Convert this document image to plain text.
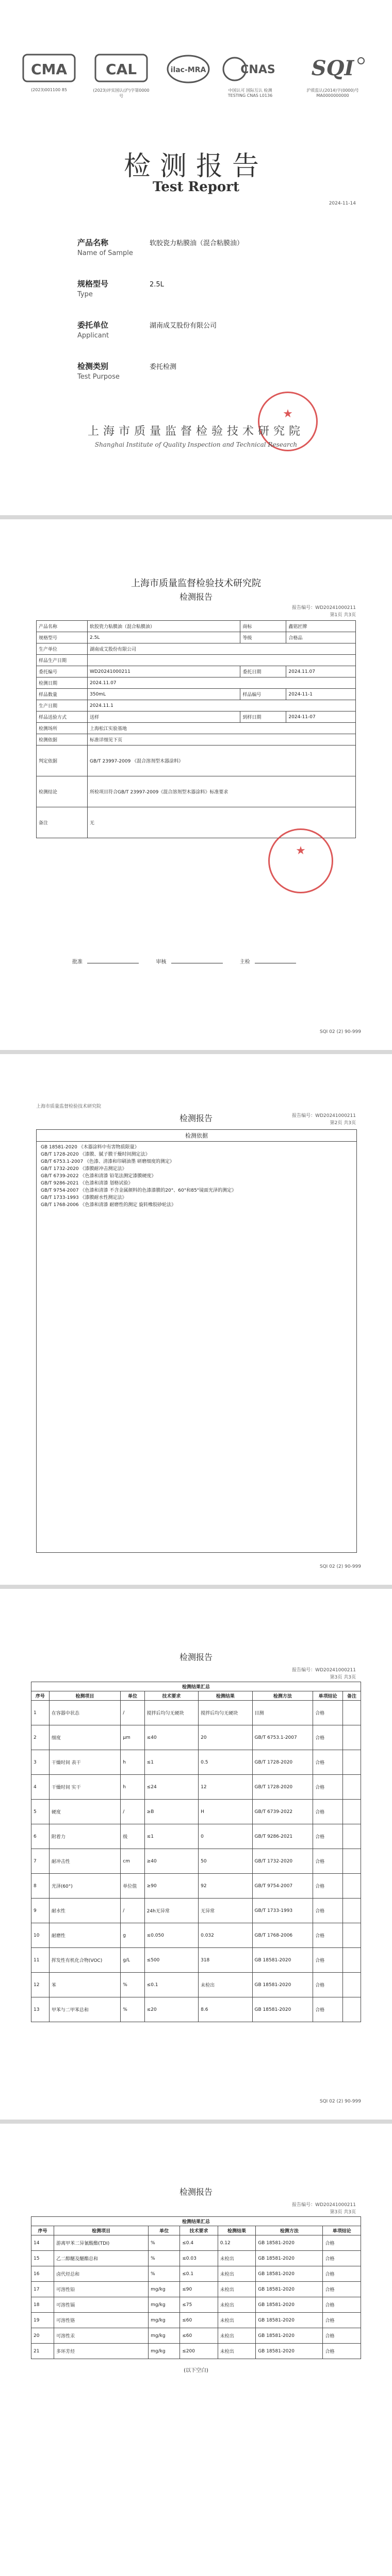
CMA
(2023)001100 85
CAL
(2023)评实国认(沪)字第0000号
ilac-MRA	CNAS
中国认可 国际互认 检测 TESTING CNAS L0136
SQI
沪质监认(2014)字(0000)号 MA0000000000
检测报告
Test Report
2024-11-14
产品名称	软胶瓷力粘膜油（混合粘膜油）
Name of Sample
规格型号	2.5L
Type
委托单位	湖南成艾股份有限公司
Applicant
检测类别	委托检测
Test Purpose
★
上海市质量监督检验技术研究院
Shanghai Institute of Quality Inspection and Technical Research
上海市质量监督检验技术研究院
检测报告
报告编号：WD20241000211
第1页 共3页
产品名称	软胶瓷力粘膜油（混合粘膜油）	商标	鑫铭匠牌
规格型号	2.5L	等级	合格品
生产单位	湖南成艾股份有限公司		
样品生产日期			
委托编号	WD20241000211	委托日期	2024.11.07
检测日期	2024.11.07		
样品数量	350mL	样品编号	2024-11-1
生产日期	2024.11.1		
样品送验方式	送样	到样日期	2024-11-07
检测场所	上海松江实验基地		
检测依据	标准详细见下页		
判定依据	GB/T 23997-2009 《混合溶剂型木器涂料》		
检测结论	所检项目符合GB/T 23997-2009《混合溶剂型木器涂料》标准要求		
备注	无		
★
批准	审核	主检
SQI 02 (2) 90-999
上海市质量监督检验技术研究院
检测报告	报告编号：WD20241000211
第2页 共3页
检测依据
GB 18581-2020 《木器涂料中有害物质限量》
GB/T 1728-2020 《漆膜、腻子膜干燥时间测定法》
GB/T 6753.1-2007 《色漆、清漆和印刷油墨 研磨细度的测定》
GB/T 1732-2020 《漆膜耐冲击测定法》
GB/T 6739-2022 《色漆和清漆 铅笔法测定漆膜硬度》
GB/T 9286-2021 《色漆和清漆 划格试验》
GB/T 9754-2007 《色漆和清漆 不含金属颜料的色漆漆膜的20°、60°和85°镜面光泽的测定》
GB/T 1733-1993 《漆膜耐水性测定法》
GB/T 1768-2006 《色漆和清漆 耐磨性的测定 旋转橡胶砂轮法》
SQI 02 (2) 90-999
检测报告
报告编号：WD20241000211
第3页 共3页
检测结果汇总							
序号	检测项目	单位	技术要求	检测结果	检测方法	单项结论	备注
1	在容器中状态	/	搅拌后均匀无硬块	搅拌后均匀无硬块	目测	合格	
2	细度	μm	≤40	20	GB/T 6753.1-2007	合格	
3	干燥时间 表干	h	≤1	0.5	GB/T 1728-2020	合格	
4	干燥时间 实干	h	≤24	12	GB/T 1728-2020	合格	
5	硬度	/	≥B	H	GB/T 6739-2022	合格	
6	附着力	级	≤1	0	GB/T 9286-2021	合格	
7	耐冲击性	cm	≥40	50	GB/T 1732-2020	合格	
8	光泽(60°)	单位值	≥90	92	GB/T 9754-2007	合格	
9	耐水性	/	24h无异常	无异常	GB/T 1733-1993	合格	
10	耐磨性	g	≤0.050	0.032	GB/T 1768-2006	合格	
11	挥发性有机化合物(VOC)	g/L	≤500	318	GB 18581-2020	合格	
12	苯	%	≤0.1	未检出	GB 18581-2020	合格	
13	甲苯与二甲苯总和	%	≤20	8.6	GB 18581-2020	合格	
SQI 02 (2) 90-999
检测报告
报告编号：WD20241000211
第3页 共3页
检测结果汇总						
序号	检测项目	单位	技术要求	检测结果	检测方法	单项结论
14	游离甲苯二异氰酸酯(TDI)	%	≤0.4	0.12	GB 18581-2020	合格
15	乙二醇醚及醚酯总和	%	≤0.03	未检出	GB 18581-2020	合格
16	卤代烃总和	%	≤0.1	未检出	GB 18581-2020	合格
17	可溶性铅	mg/kg	≤90	未检出	GB 18581-2020	合格
18	可溶性镉	mg/kg	≤75	未检出	GB 18581-2020	合格
19	可溶性铬	mg/kg	≤60	未检出	GB 18581-2020	合格
20	可溶性汞	mg/kg	≤60	未检出	GB 18581-2020	合格
21	多环芳烃	mg/kg	≤200	未检出	GB 18581-2020	合格
(以下空白)
